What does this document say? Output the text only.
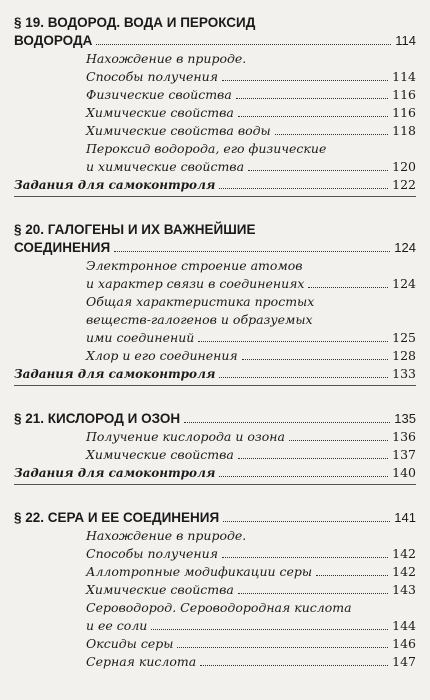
§ 19. ВОДОРОД. ВОДА И ПЕРОКСИД
ВОДОРОДА	114
Нахождение в природе.
Способы получения	114
Физические свойства	116
Химические свойства	116
Химические свойства воды	118
Пероксид водорода, его физические
и химические свойства	120
Задания для самоконтроля	122
§ 20. ГАЛОГЕНЫ И ИХ ВАЖНЕЙШИЕ
СОЕДИНЕНИЯ	124
Электронное строение атомов
и характер связи в соединениях	124
Общая характеристика простых
веществ-галогенов и образуемых
ими соединений	125
Хлор и его соединения	128
Задания для самоконтроля	133
§ 21. КИСЛОРОД И ОЗОН	135
Получение кислорода и озона	136
Химические свойства	137
Задания для самоконтроля	140
§ 22. СЕРА И ЕЕ СОЕДИНЕНИЯ	141
Нахождение в природе.
Способы получения	142
Аллотропные модификации серы	142
Химические свойства	143
Сероводород. Сероводородная кислота
и ее соли	144
Оксиды серы	146
Серная кислота	147
